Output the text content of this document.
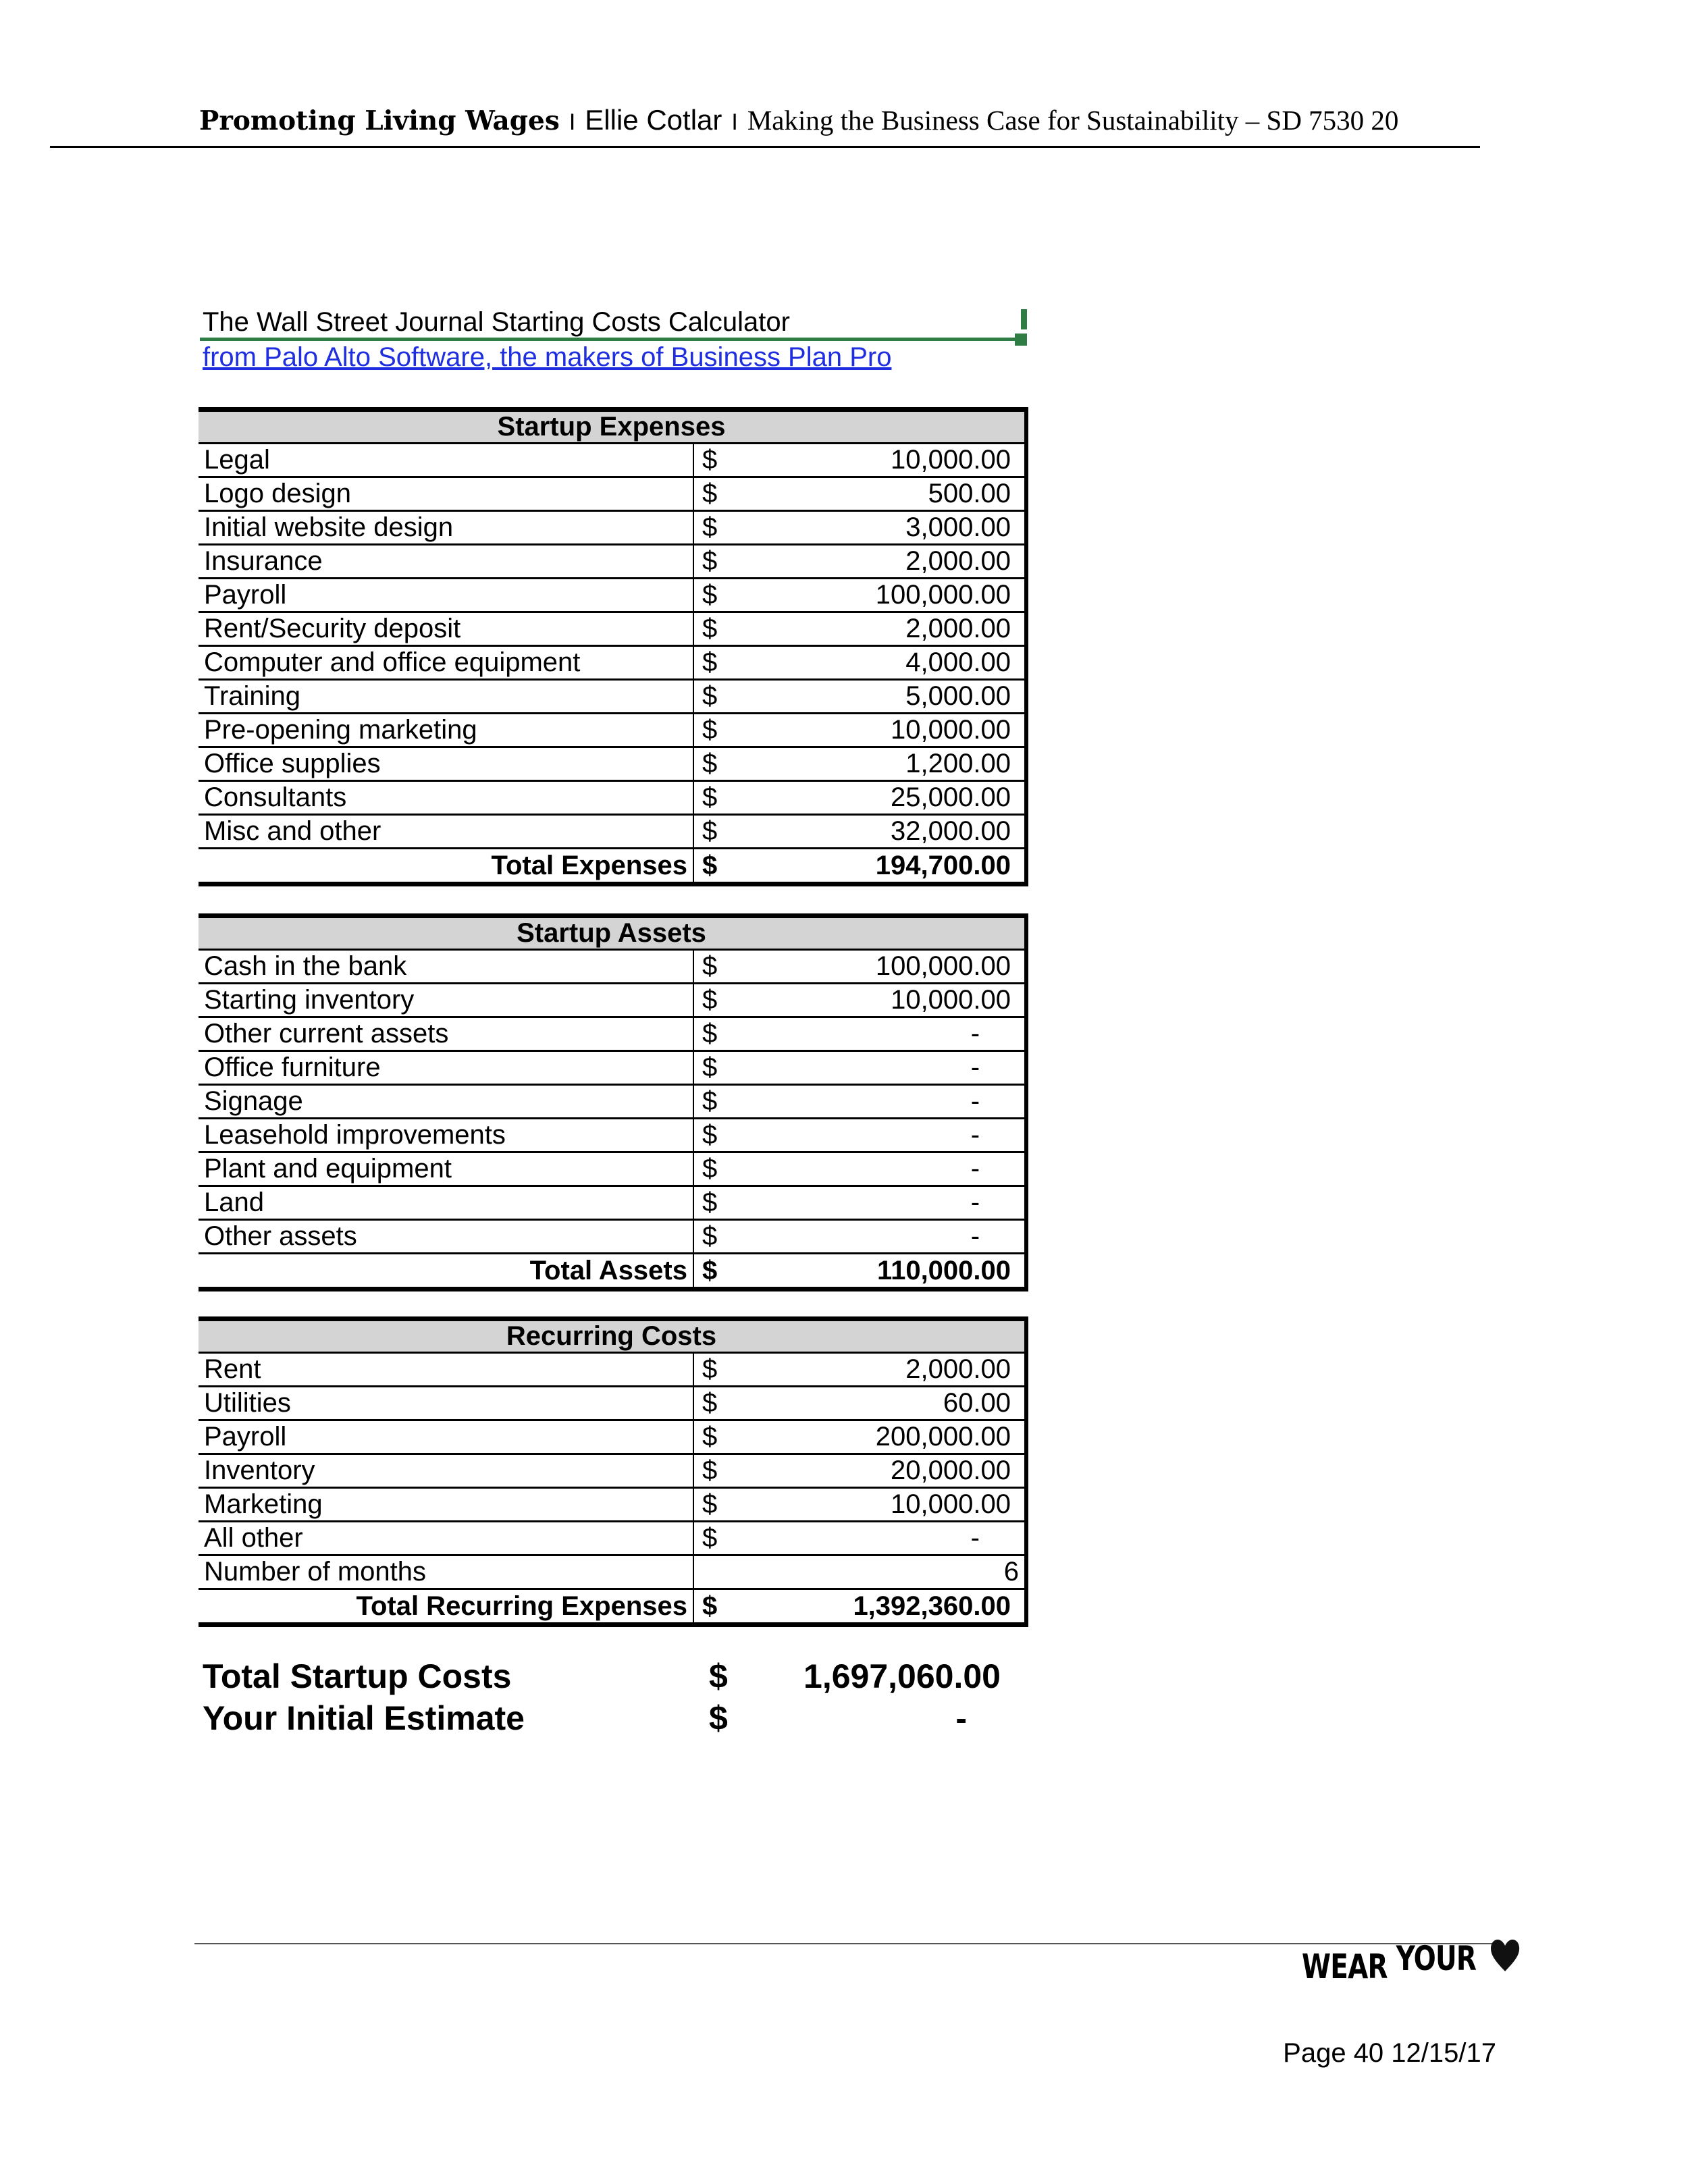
Promoting Living Wages I Ellie Cotlar I Making the Business Case for Sustainability – SD 7530 20
The Wall Street Journal Starting Costs Calculator
from Palo Alto Software, the makers of Business Plan Pro
Startup Expenses		
Legal	$	10,000.00
Logo design	$	500.00
Initial website design	$	3,000.00
Insurance	$	2,000.00
Payroll	$	100,000.00
Rent/Security deposit	$	2,000.00
Computer and office equipment	$	4,000.00
Training	$	5,000.00
Pre-opening marketing	$	10,000.00
Office supplies	$	1,200.00
Consultants	$	25,000.00
Misc and other	$	32,000.00
Total Expenses	$	194,700.00
Startup Assets		
Cash in the bank	$	100,000.00
Starting inventory	$	10,000.00
Other current assets	$	-
Office furniture	$	-
Signage	$	-
Leasehold improvements	$	-
Plant and equipment	$	-
Land	$	-
Other assets	$	-
Total Assets	$	110,000.00
Recurring Costs		
Rent	$	2,000.00
Utilities	$	60.00
Payroll	$	200,000.00
Inventory	$	20,000.00
Marketing	$	10,000.00
All other	$	-
Number of months		6
Total Recurring Expenses	$	1,392,360.00
Total Startup Costs	$ 1,697,060.00
Your Initial Estimate	$	-
WEAR YOUR
Page 40 12/15/17
